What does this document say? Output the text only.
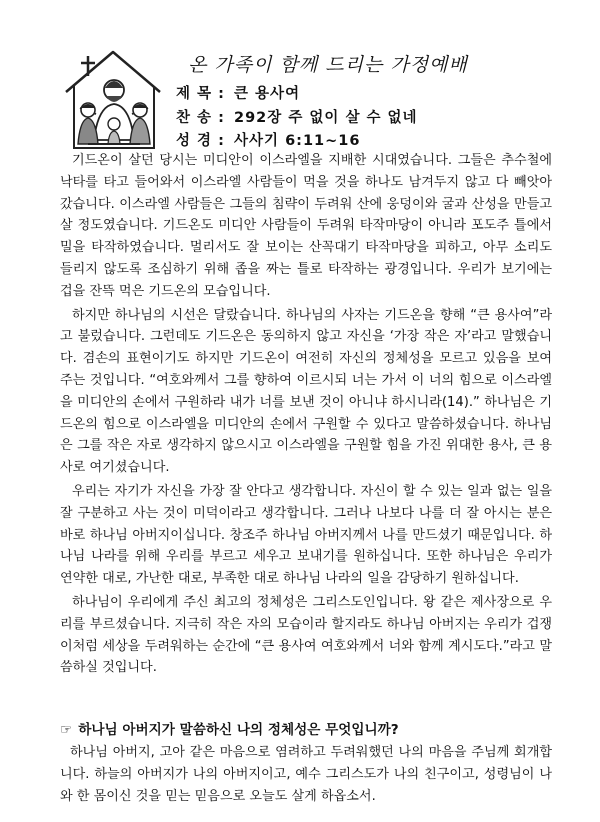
온 가족이 함께 드리는 가정예배
제 목 : 큰 용사여
찬 송 : 292장 주 없이 살 수 없네
성 경 : 사사기 6:11~16

기드온이 살던 당시는 미디안이 이스라엘을 지배한 시대였습니다. 그들은 추수철에 낙타를 타고 들어와서 이스라엘 사람들이 먹을 것을 하나도 남겨두지 않고 다 빼앗아 갔습니다. 이스라엘 사람들은 그들의 침략이 두려워 산에 웅덩이와 굴과 산성을 만들고 살 정도였습니다. 기드온도 미디안 사람들이 두려워 타작마당이 아니라 포도주 틀에서 밀을 타작하였습니다. 멀리서도 잘 보이는 산꼭대기 타작마당을 피하고, 아무 소리도 들리지 않도록 조심하기 위해 좁을 짜는 틀로 타작하는 광경입니다. 우리가 보기에는 겁을 잔뜩 먹은 기드온의 모습입니다.

하지만 하나님의 시선은 달랐습니다. 하나님의 사자는 기드온을 향해 “큰 용사여”라고 불렀습니다. 그런데도 기드온은 동의하지 않고 자신을 ‘가장 작은 자’라고 말했습니다. 겸손의 표현이기도 하지만 기드온이 여전히 자신의 정체성을 모르고 있음을 보여 주는 것입니다. “여호와께서 그를 향하여 이르시되 너는 가서 이 너의 힘으로 이스라엘을 미디안의 손에서 구원하라 내가 너를 보낸 것이 아니냐 하시니라(14).” 하나님은 기드온의 힘으로 이스라엘을 미디안의 손에서 구원할 수 있다고 말씀하셨습니다. 하나님은 그를 작은 자로 생각하지 않으시고 이스라엘을 구원할 힘을 가진 위대한 용사, 큰 용사로 여기셨습니다.

우리는 자기가 자신을 가장 잘 안다고 생각합니다. 자신이 할 수 있는 일과 없는 일을 잘 구분하고 사는 것이 미덕이라고 생각합니다. 그러나 나보다 나를 더 잘 아시는 분은 바로 하나님 아버지이십니다. 창조주 하나님 아버지께서 나를 만드셨기 때문입니다. 하나님 나라를 위해 우리를 부르고 세우고 보내기를 원하십니다. 또한 하나님은 우리가 연약한 대로, 가난한 대로, 부족한 대로 하나님 나라의 일을 감당하기 원하십니다.

하나님이 우리에게 주신 최고의 정체성은 그리스도인입니다. 왕 같은 제사장으로 우리를 부르셨습니다. 지극히 작은 자의 모습이라 할지라도 하나님 아버지는 우리가 겁쟁이처럼 세상을 두려워하는 순간에 “큰 용사여 여호와께서 너와 함께 계시도다.”라고 말씀하실 것입니다.

☞ 하나님 아버지가 말씀하신 나의 정체성은 무엇입니까?

하나님 아버지, 고아 같은 마음으로 염려하고 두려워했던 나의 마음을 주님께 회개합니다. 하늘의 아버지가 나의 아버지이고, 예수 그리스도가 나의 친구이고, 성령님이 나와 한 몸이신 것을 믿는 믿음으로 오늘도 살게 하옵소서.
